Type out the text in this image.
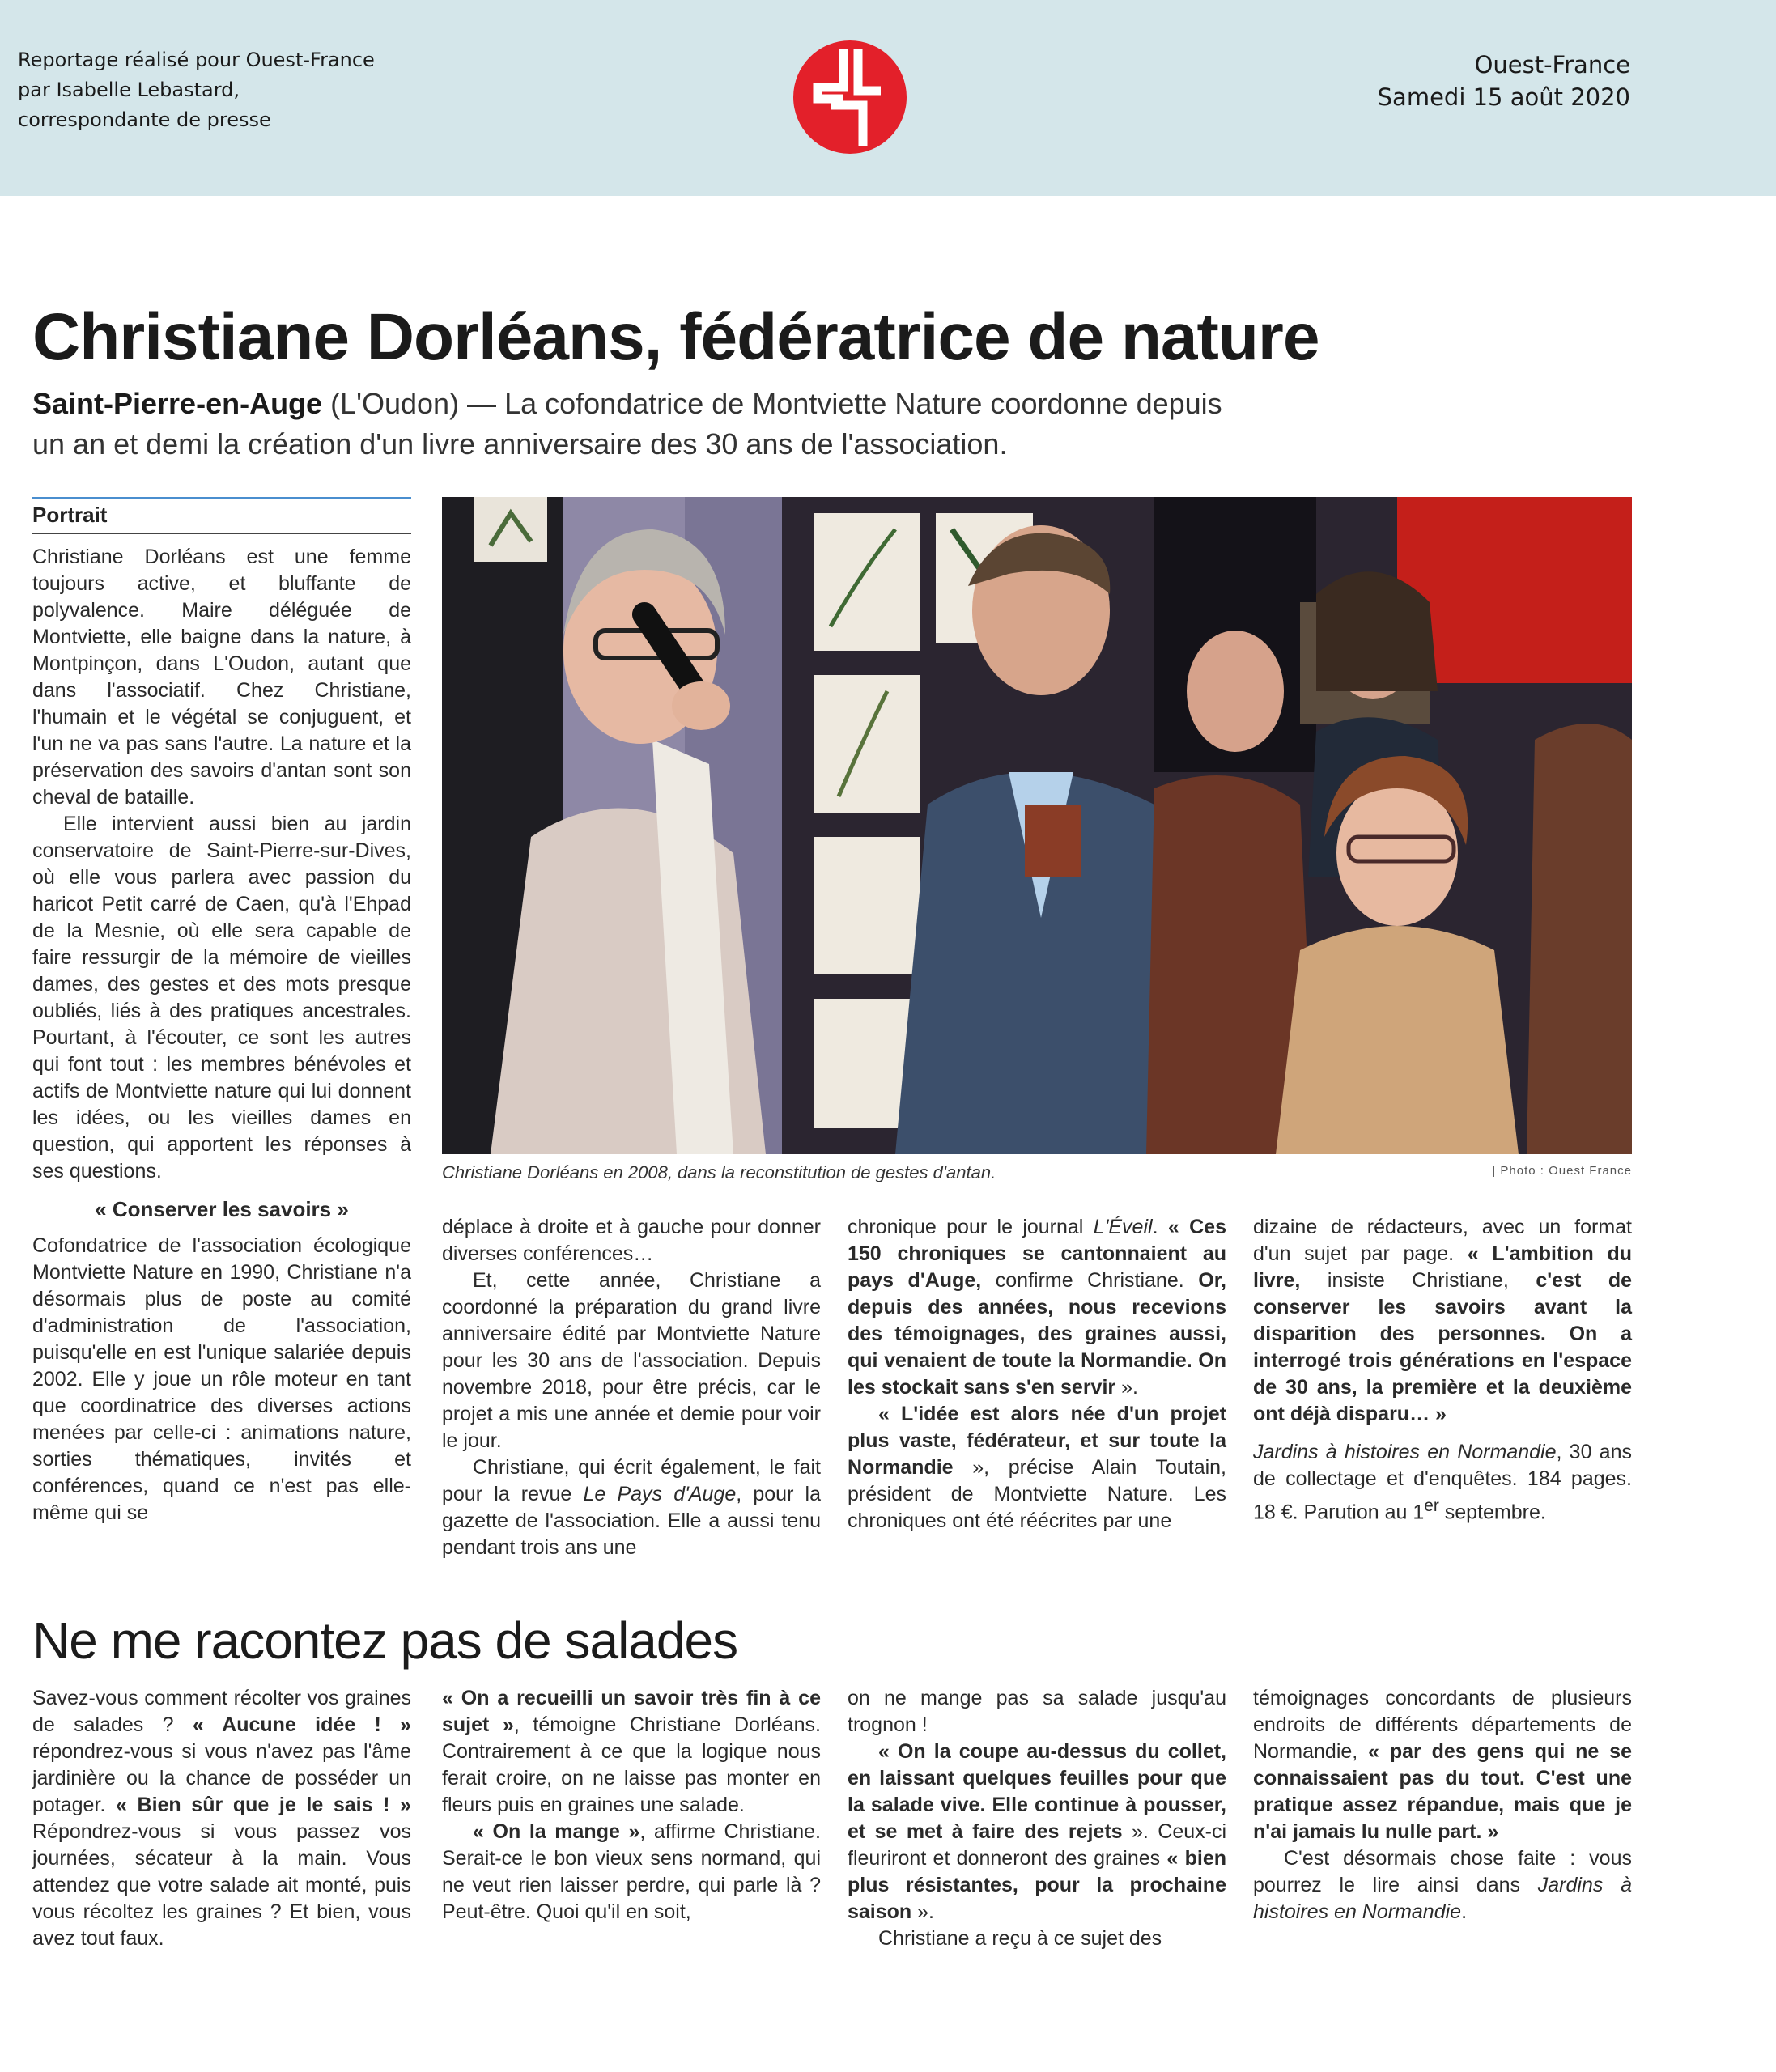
Reportage réalisé pour Ouest-France
par Isabelle Lebastard,
correspondante de presse
Ouest-France
Samedi 15 août 2020
Christiane Dorléans, fédératrice de nature
Saint-Pierre-en-Auge (L'Oudon) — La cofondatrice de Montviette Nature coordonne depuis un an et demi la création d'un livre anniversaire des 30 ans de l'association.
Portrait

Christiane Dorléans est une femme toujours active, et bluffante de polyvalence. Maire déléguée de Montviette, elle baigne dans la nature, à Montpinçon, dans L'Oudon, autant que dans l'associatif. Chez Christiane, l'humain et le végétal se conjuguent, et l'un ne va pas sans l'autre. La nature et la préservation des savoirs d'antan sont son cheval de bataille.

Elle intervient aussi bien au jardin conservatoire de Saint-Pierre-sur-Dives, où elle vous parlera avec passion du haricot Petit carré de Caen, qu'à l'Ehpad de la Mesnie, où elle sera capable de faire ressurgir de la mémoire de vieilles dames, des gestes et des mots presque oubliés, liés à des pratiques ancestrales. Pourtant, à l'écouter, ce sont les autres qui font tout : les membres bénévoles et actifs de Montviette nature qui lui donnent les idées, ou les vieilles dames en question, qui apportent les réponses à ses questions.

« Conserver les savoirs »

Cofondatrice de l'association écologique Montviette Nature en 1990, Christiane n'a désormais plus de poste au comité d'administration de l'association, puisqu'elle en est l'unique salariée depuis 2002. Elle y joue un rôle moteur en tant que coordinatrice des diverses actions menées par celle-ci : animations nature, sorties thématiques, invités et conférences, quand ce n'est pas elle-même qui se

Christiane Dorléans en 2008, dans la reconstitution de gestes d'antan.	| Photo : Ouest France

déplace à droite et à gauche pour donner diverses conférences…

Et, cette année, Christiane a coordonné la préparation du grand livre anniversaire édité par Montviette Nature pour les 30 ans de l'association. Depuis novembre 2018, pour être précis, car le projet a mis une année et demie pour voir le jour.

Christiane, qui écrit également, le fait pour la revue Le Pays d'Auge, pour la gazette de l'association. Elle a aussi tenu pendant trois ans une

chronique pour le journal L'Éveil. « Ces 150 chroniques se cantonnaient au pays d'Auge, confirme Christiane. Or, depuis des années, nous recevions des témoignages, des graines aussi, qui venaient de toute la Normandie. On les stockait sans s'en servir ».

« L'idée est alors née d'un projet plus vaste, fédérateur, et sur toute la Normandie », précise Alain Toutain, président de Montviette Nature. Les chroniques ont été réécrites par une

dizaine de rédacteurs, avec un format d'un sujet par page. « L'ambition du livre, insiste Christiane, c'est de conserver les savoirs avant la disparition des personnes. On a interrogé trois générations en l'espace de 30 ans, la première et la deuxième ont déjà disparu… »

Jardins à histoires en Normandie, 30 ans de collectage et d'enquêtes. 184 pages. 18 €. Parution au 1er septembre.

Ne me racontez pas de salades

Savez-vous comment récolter vos graines de salades ? « Aucune idée ! » répondrez-vous si vous n'avez pas l'âme jardinière ou la chance de posséder un potager. « Bien sûr que je le sais ! » Répondrez-vous si vous passez vos journées, sécateur à la main. Vous attendez que votre salade ait monté, puis vous récoltez les graines ? Et bien, vous avez tout faux.

« On a recueilli un savoir très fin à ce sujet », témoigne Christiane Dorléans. Contrairement à ce que la logique nous ferait croire, on ne laisse pas monter en fleurs puis en graines une salade.

« On la mange », affirme Christiane. Serait-ce le bon vieux sens normand, qui ne veut rien laisser perdre, qui parle là ? Peut-être. Quoi qu'il en soit,

on ne mange pas sa salade jusqu'au trognon !

« On la coupe au-dessus du collet, en laissant quelques feuilles pour que la salade vive. Elle continue à pousser, et se met à faire des rejets ». Ceux-ci fleuriront et donneront des graines « bien plus résistantes, pour la prochaine saison ».

Christiane a reçu à ce sujet des

témoignages concordants de plusieurs endroits de différents départements de Normandie, « par des gens qui ne se connaissaient pas du tout. C'est une pratique assez répandue, mais que je n'ai jamais lu nulle part. »

C'est désormais chose faite : vous pourrez le lire ainsi dans Jardins à histoires en Normandie.
